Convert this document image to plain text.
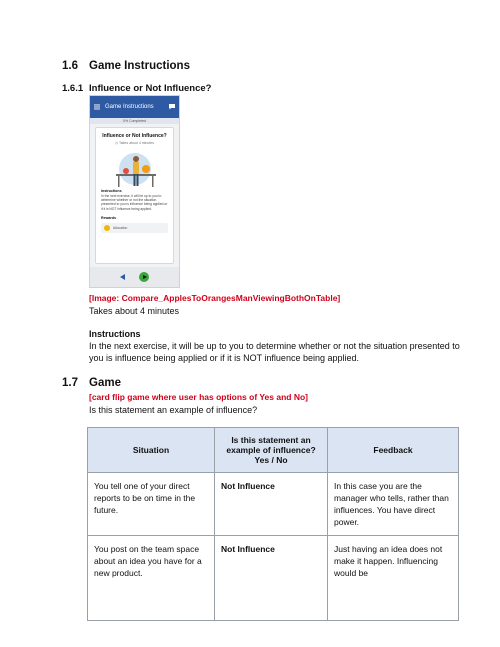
1.6 Game Instructions
1.6.1 Influence or Not Influence?
Game Instructions
0% Completed
Influence or Not Influence?
◷ Takes about 4 minutes
Instructions
In the next exercise, it will be up to you to determine whether or not the situation presented to you is influence being applied or if it is NOT influence being applied.
Rewards
Allocation
[Image: Compare_ApplesToOrangesManViewingBothOnTable]
Takes about 4 minutes
Instructions
In the next exercise, it will be up to you to determine whether or not the situation presented to you is influence being applied or if it is NOT influence being applied.
1.7 Game
[card flip game where user has options of Yes and No]
Is this statement an example of influence?
Situation	Is this statement an example of influence? Yes / No	Feedback
You tell one of your direct reports to be on time in the future.	Not Influence	In this case you are the manager who tells, rather than influences. You have direct power.
You post on the team space about an idea you have for a new product.	Not Influence	Just having an idea does not make it happen. Influencing would be
